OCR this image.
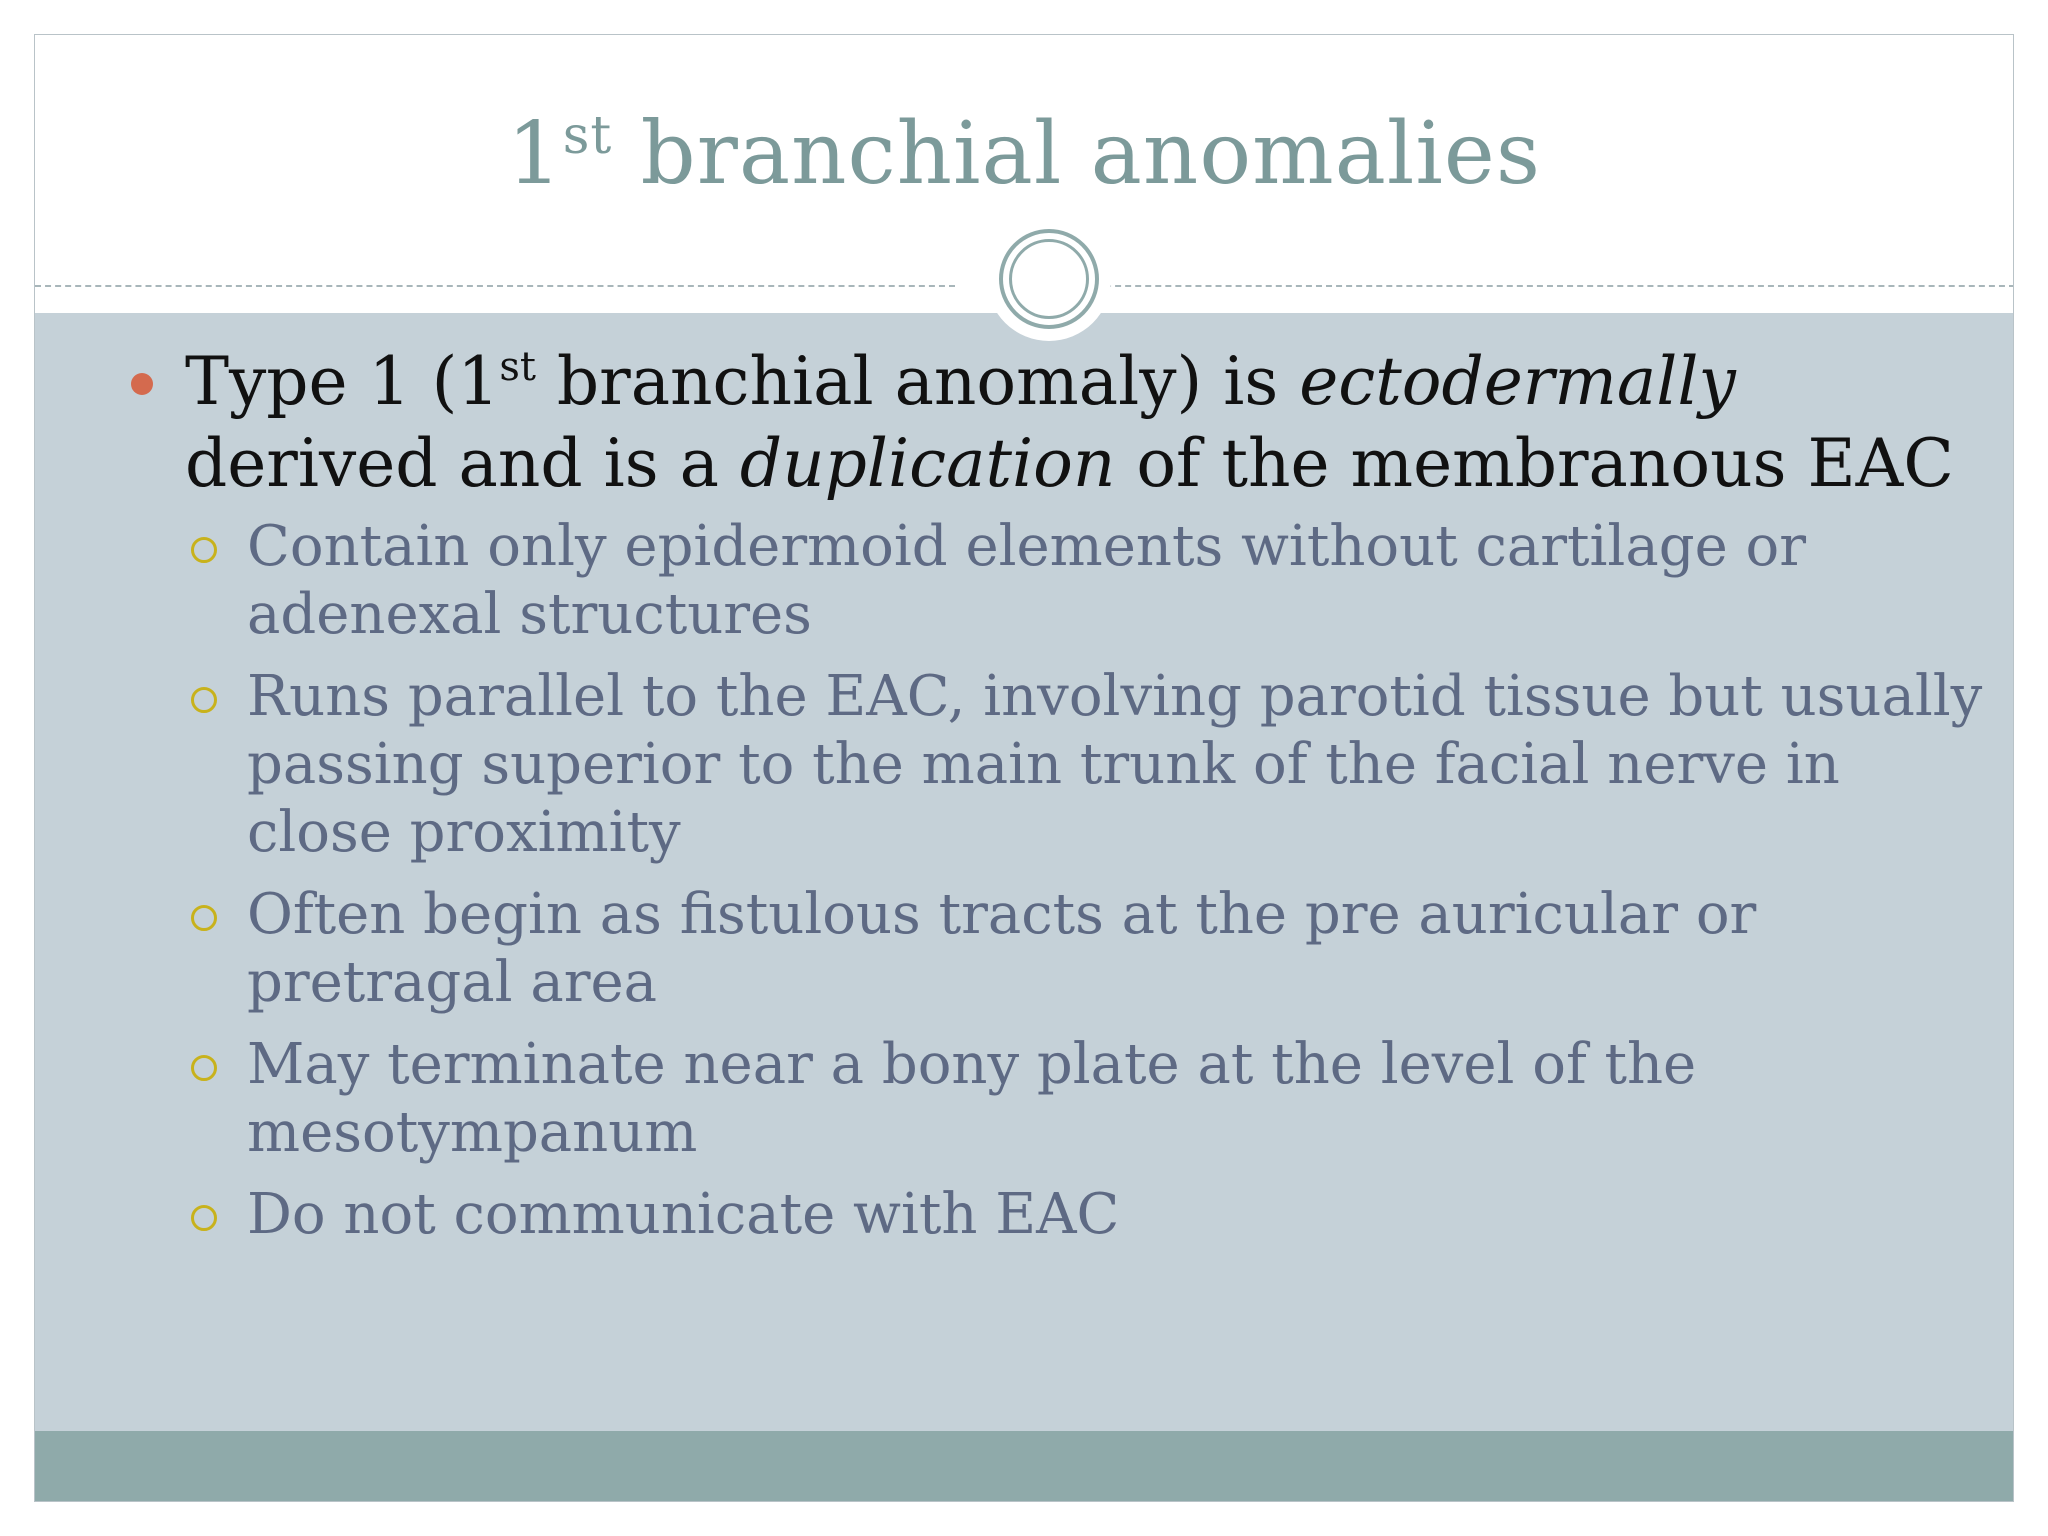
1st branchial anomalies
Type 1 (1st branchial anomaly) is ectodermally derived and is a duplication of the membranous EAC
Contain only epidermoid elements without cartilage or adenexal structures
Runs parallel to the EAC, involving parotid tissue but usually passing superior to the main trunk of the facial nerve in close proximity
Often begin as fistulous tracts at the pre auricular or pretragal area
May terminate near a bony plate at the level of the mesotympanum
Do not communicate with EAC
